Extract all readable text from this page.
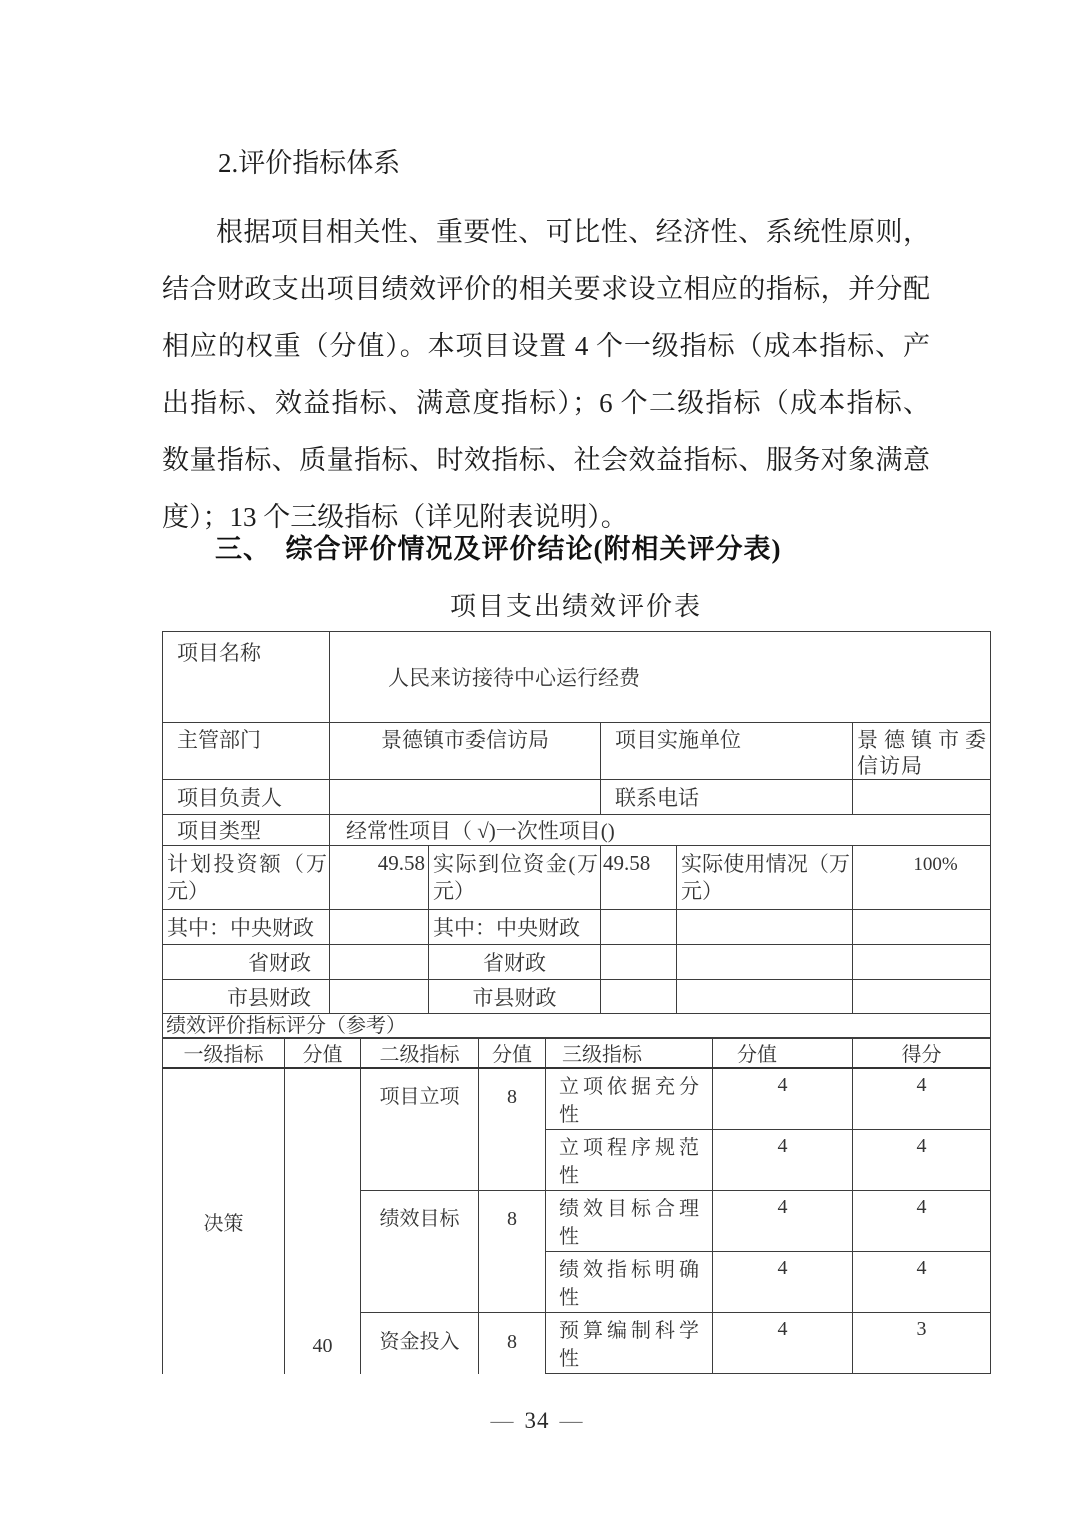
2.评价指标体系
根据项目相关性、重要性、可比性、经济性、系统性原则，
结合财政支出项目绩效评价的相关要求设立相应的指标，并分配
相应的权重（分值）。本项目设置 4 个一级指标（成本指标、产
出指标、效益指标、满意度指标）；6 个二级指标（成本指标、
数量指标、质量指标、时效指标、社会效益指标、服务对象满意
度）；13 个三级指标（详见附表说明）。
三、　综合评价情况及评价结论(附相关评分表)
项目支出绩效评价表
项目名称	人民来访接待中心运行经费				
主管部门	景德镇市委信访局		项目实施单位		景德镇市委信访局
项目负责人			联系电话		
项目类型	经常性项目（ √)一次性项目()				
计划投资额（万元）	49.58	实际到位资金(万元）	49.58	实际使用情况（万元）	100%
其中：中央财政		其中：中央财政			
省财政		省财政			
市县财政		市县财政			
绩效评价指标评分（参考）					
一级指标	分值	二级指标	分值	三级指标	分值	得分
决策	40	项目立项	8	立项依据充分性	4	4
				立项程序规范性	4	4
		绩效目标	8	绩效目标合理性	4	4
				绩效指标明确性	4	4
		资金投入	8	预算编制科学性	4	3
— 34 —
